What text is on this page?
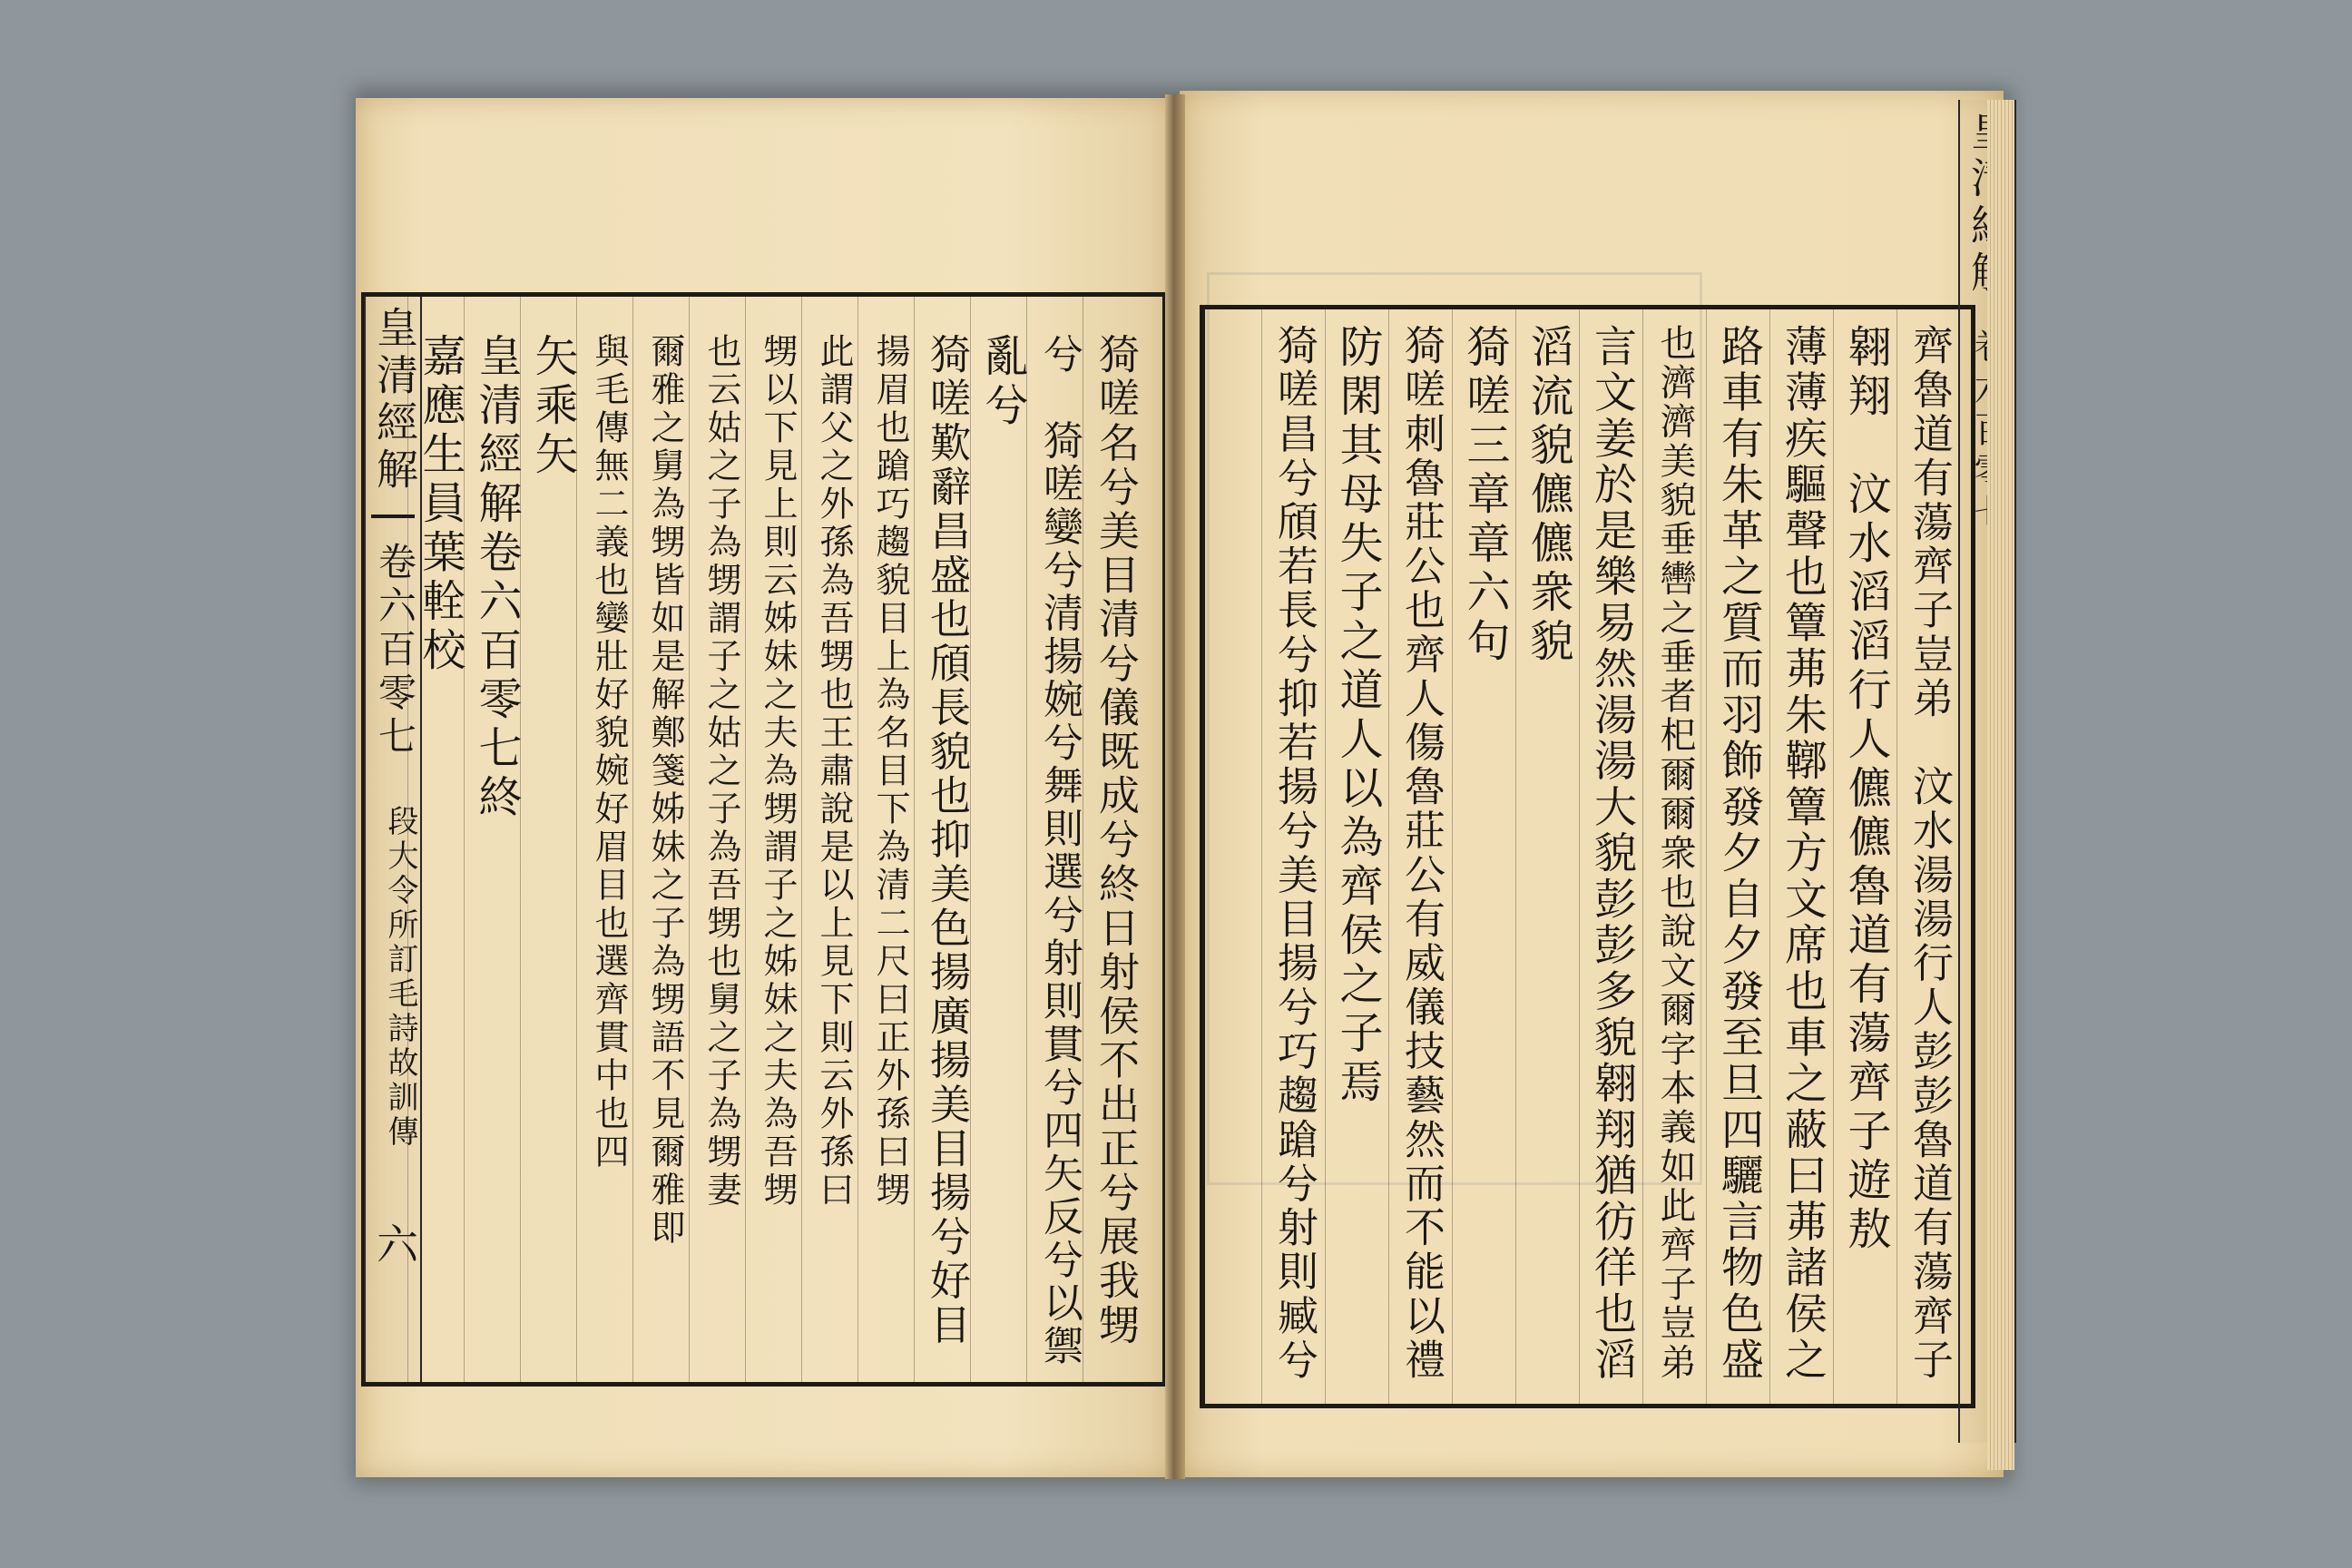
皇清經解
卷六百零七
段大令所訂毛詩故訓傳
六	猗嗟名兮美目清兮儀既成兮終日射侯不出正兮展我甥
兮　猗嗟孌兮清揚婉兮舞則選兮射則貫兮四矢反兮以禦
亂兮
猗嗟歎辭昌盛也頎長貌也抑美色揚廣揚美目揚兮好目
揚眉也蹌巧趨貌目上為名目下為清二尺曰正外孫曰甥
此謂父之外孫為吾甥也王肅說是以上見下則云外孫曰
甥以下見上則云姊妹之夫為甥謂子之姊妹之夫為吾甥
也云姑之子為甥謂子之姑之子為吾甥也舅之子為甥妻
爾雅之舅為甥皆如是解鄭箋姊妹之子為甥語不見爾雅即
與毛傳無二義也孌壯好貌婉好眉目也選齊貫中也四
矢乘矢
皇清經解卷六百零七終
嘉應生員葉輇校	齊魯道有蕩齊子豈弟　汶水湯湯行人彭彭魯道有蕩齊子
翱翔　汶水滔滔行人儦儦魯道有蕩齊子遊敖
薄薄疾驅聲也簟茀朱鞹簟方文席也車之蔽曰茀諸侯之
路車有朱革之質而羽飾發夕自夕發至旦四驪言物色盛
也濟濟美貌垂轡之垂者𣏌爾爾衆也說文爾字本義如此齊子豈弟
言文姜於是樂易然湯湯大貌彭彭多貌翱翔猶彷徉也滔
滔流貌儦儦衆貌
猗嗟三章章六句
猗嗟刺魯莊公也齊人傷魯莊公有威儀技藝然而不能以禮
防閑其母失子之道人以為齊侯之子焉
猗嗟昌兮頎若長兮抑若揚兮美目揚兮巧趨蹌兮射則臧兮
